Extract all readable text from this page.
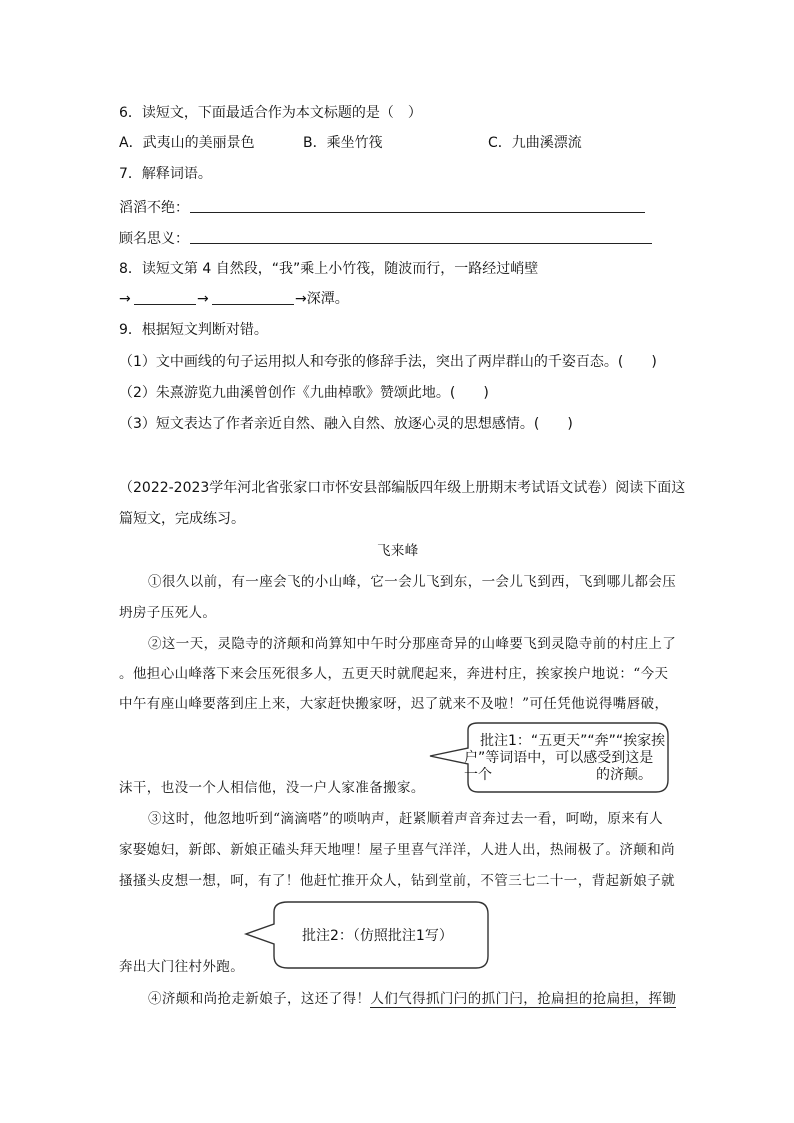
6．读短文，下面最适合作为本文标题的是（　）
A．武夷山的美丽景色	B．乘坐竹筏	C．九曲溪漂流
7．解释词语。
滔滔不绝：
顾名思义：
8．读短文第 4 自然段，“我”乘上小竹筏，随波而行，一路经过峭壁
→	→	→深潭。
9．根据短文判断对错。
（1）文中画线的句子运用拟人和夸张的修辞手法，突出了两岸群山的千姿百态。(　　)
（2）朱熹游览九曲溪曾创作《九曲棹歌》赞颂此地。(　　)
（3）短文表达了作者亲近自然、融入自然、放逐心灵的思想感情。(　　)
（2022-2023学年河北省张家口市怀安县部编版四年级上册期末考试语文试卷）阅读下面这
篇短文，完成练习。
飞来峰
①很久以前，有一座会飞的小山峰，它一会儿飞到东，一会儿飞到西，飞到哪儿都会压
坍房子压死人。
②这一天，灵隐寺的济颠和尚算知中午时分那座奇异的山峰要飞到灵隐寺前的村庄上了
。他担心山峰落下来会压死很多人，五更天时就爬起来，奔进村庄，挨家挨户地说：“今天
中午有座山峰要落到庄上来，大家赶快搬家呀，迟了就来不及啦！”可任凭他说得嘴唇破，
沫干，也没一个人相信他，没一户人家准备搬家。
③这时，他忽地听到“滴滴嗒”的唢呐声，赶紧顺着声音奔过去一看，呵呦，原来有人
家娶媳妇，新郎、新娘正磕头拜天地哩！屋子里喜气洋洋，人进人出，热闹极了。济颠和尚
搔搔头皮想一想，呵，有了！他赶忙推开众人，钻到堂前，不管三七二十一，背起新娘子就
奔出大门往村外跑。
④济颠和尚抢走新娘子，这还了得！人们气得抓门闩的抓门闩，抢扁担的抢扁担，挥锄
批注1：“五更天”“奔”“挨家挨
户”等词语中，可以感受到这是
一个	的济颠。
批注2：（仿照批注1写）
